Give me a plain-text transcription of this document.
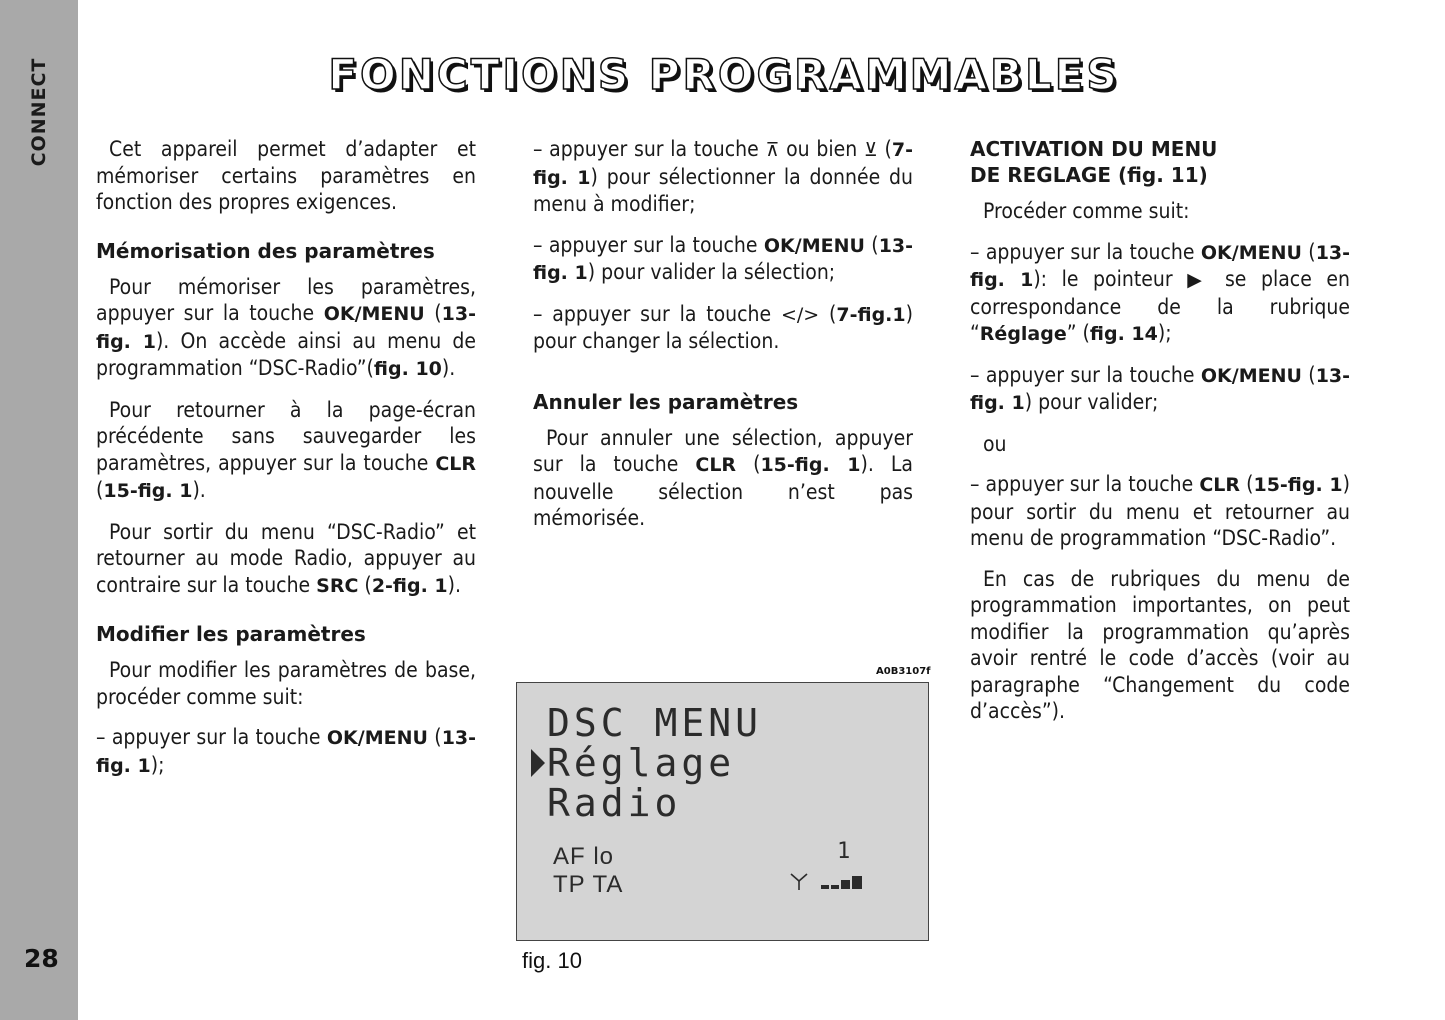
CONNECT
28
FONCTIONS PROGRAMMABLES

Cet appareil permet d’adapter et mémoriser certains paramètres en fonction des propres exigences.

Mémorisation des paramètres

Pour mémoriser les paramètres, appuyer sur la touche OK/MENU (13-fig. 1). On accède ainsi au menu de programmation “DSC-Radio”(fig. 10).

Pour retourner à la page-écran précédente sans sauvegarder les paramètres, appuyer sur la touche CLR (15-fig. 1).

Pour sortir du menu “DSC-Radio” et retourner au mode Radio, appuyer au contraire sur la touche SRC (2-fig. 1).

Modifier les paramètres

Pour modifier les paramètres de base, procéder comme suit:

– appuyer sur la touche OK/MENU (13-fig. 1);

– appuyer sur la touche ⊼ ou bien ⊻ (7-fig. 1) pour sélectionner la donnée du menu à modifier;

– appuyer sur la touche OK/MENU (13-fig. 1) pour valider la sélection;

– appuyer sur la touche </> (7-fig.1) pour changer la sélection.

Annuler les paramètres

Pour annuler une sélection, appuyer sur la touche CLR (15-fig. 1). La nouvelle sélection n’est pas mémorisée.

ACTIVATION DU MENU
DE REGLAGE (fig. 11)

Procéder comme suit:

– appuyer sur la touche OK/MENU (13-fig. 1): le pointeur ▶ se place en correspondance de la rubrique “Réglage” (fig. 14);

– appuyer sur la touche OK/MENU (13-fig. 1) pour valider;

ou

– appuyer sur la touche CLR (15-fig. 1) pour sortir du menu et retourner au menu de programmation “DSC-Radio”.

En cas de rubriques du menu de programmation importantes, on peut modifier la programmation qu’après avoir rentré le code d’accès (voir au paragraphe “Changement du code d’accès”).

A0B3107f
DSC MENU
Réglage
Radio
AF lo
TP TA
1
fig. 10
